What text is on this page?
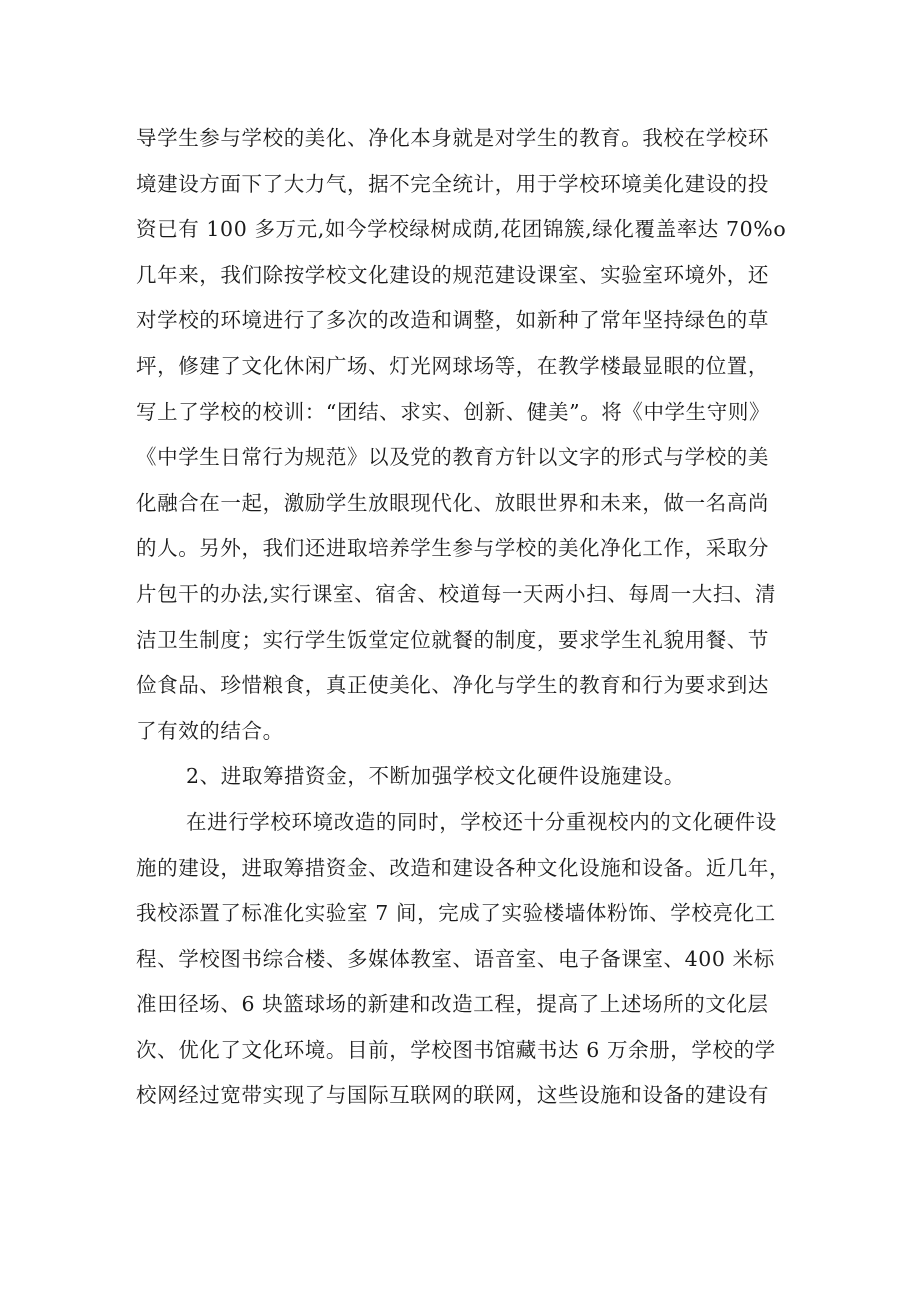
导学生参与学校的美化、净化本身就是对学生的教育。我校在学校环
境建设方面下了大力气，据不完全统计，用于学校环境美化建设的投
资已有 100 多万元,如今学校绿树成荫,花团锦簇,绿化覆盖率达 70%o
几年来，我们除按学校文化建设的规范建设课室、实验室环境外，还
对学校的环境进行了多次的改造和调整，如新种了常年坚持绿色的草
坪，修建了文化休闲广场、灯光网球场等，在教学楼最显眼的位置，
写上了学校的校训：“团结、求实、创新、健美”。将《中学生守则》
《中学生日常行为规范》以及党的教育方针以文字的形式与学校的美
化融合在一起，激励学生放眼现代化、放眼世界和未来，做一名高尚
的人。另外，我们还进取培养学生参与学校的美化净化工作，采取分
片包干的办法,实行课室、宿舍、校道每一天两小扫、每周一大扫、清
洁卫生制度；实行学生饭堂定位就餐的制度，要求学生礼貌用餐、节
俭食品、珍惜粮食，真正使美化、净化与学生的教育和行为要求到达
了有效的结合。
2、进取筹措资金，不断加强学校文化硬件设施建设。
在进行学校环境改造的同时，学校还十分重视校内的文化硬件设
施的建设，进取筹措资金、改造和建设各种文化设施和设备。近几年，
我校添置了标准化实验室 7 间，完成了实验楼墙体粉饰、学校亮化工
程、学校图书综合楼、多媒体教室、语音室、电子备课室、400 米标
准田径场、6 块篮球场的新建和改造工程，提高了上述场所的文化层
次、优化了文化环境。目前，学校图书馆藏书达 6 万余册，学校的学
校网经过宽带实现了与国际互联网的联网，这些设施和设备的建设有
